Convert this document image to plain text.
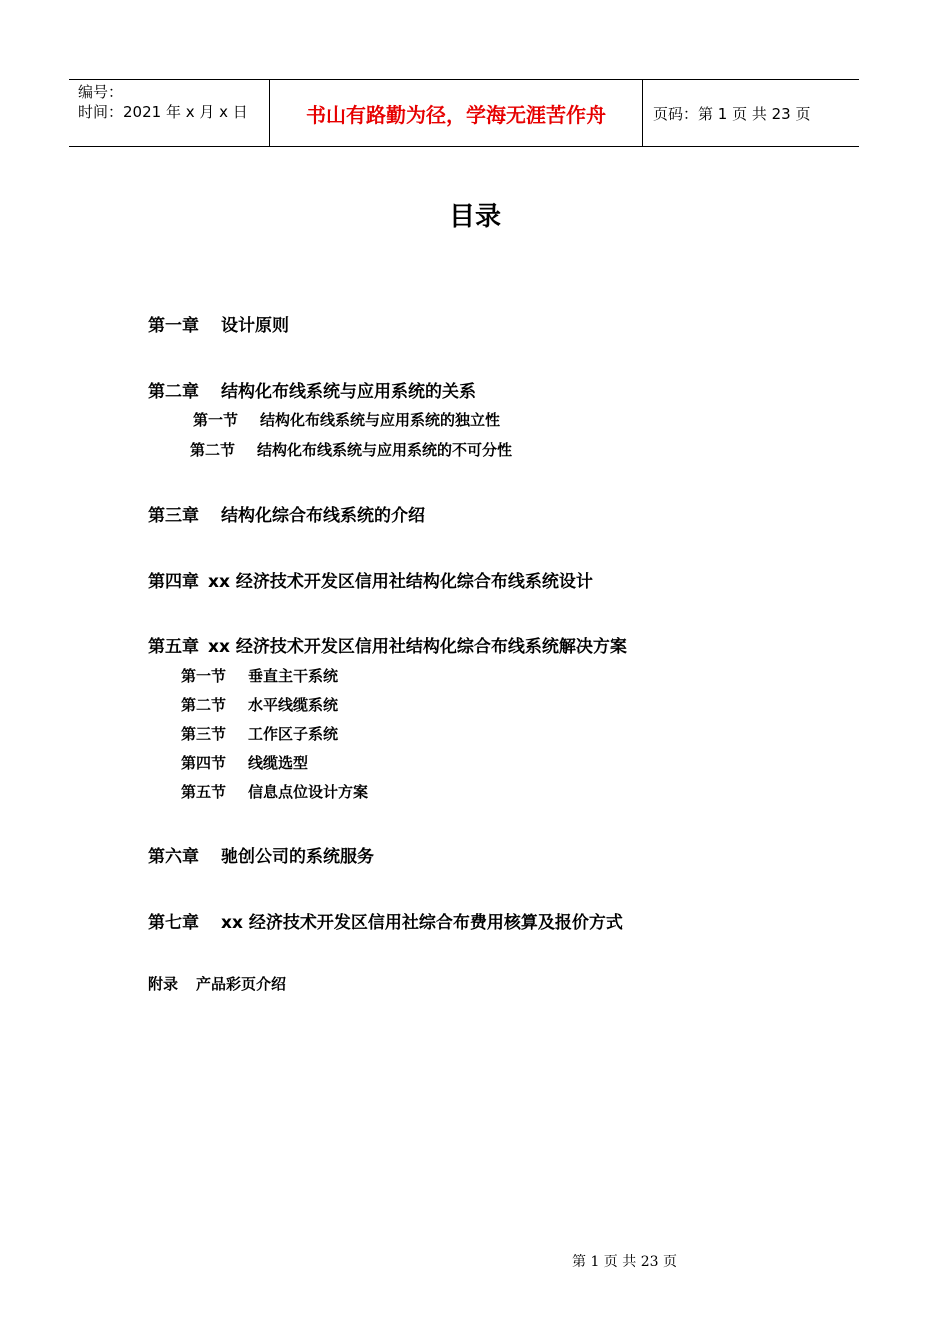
编号：
时间：2021 年 x 月 x 日	书山有路勤为径，学海无涯苦作舟	页码：第 1 页 共 23 页
目录
第一章 设计原则
第二章 结构化布线系统与应用系统的关系
第一节 结构化布线系统与应用系统的独立性
第二节 结构化布线系统与应用系统的不可分性
第三章 结构化综合布线系统的介绍
第四章 xx 经济技术开发区信用社结构化综合布线系统设计
第五章 xx 经济技术开发区信用社结构化综合布线系统解决方案
第一节 垂直主干系统
第二节 水平线缆系统
第三节 工作区子系统
第四节 线缆选型
第五节 信息点位设计方案
第六章 驰创公司的系统服务
第七章 xx 经济技术开发区信用社综合布费用核算及报价方式
附录 产品彩页介绍
第 1 页 共 23 页
